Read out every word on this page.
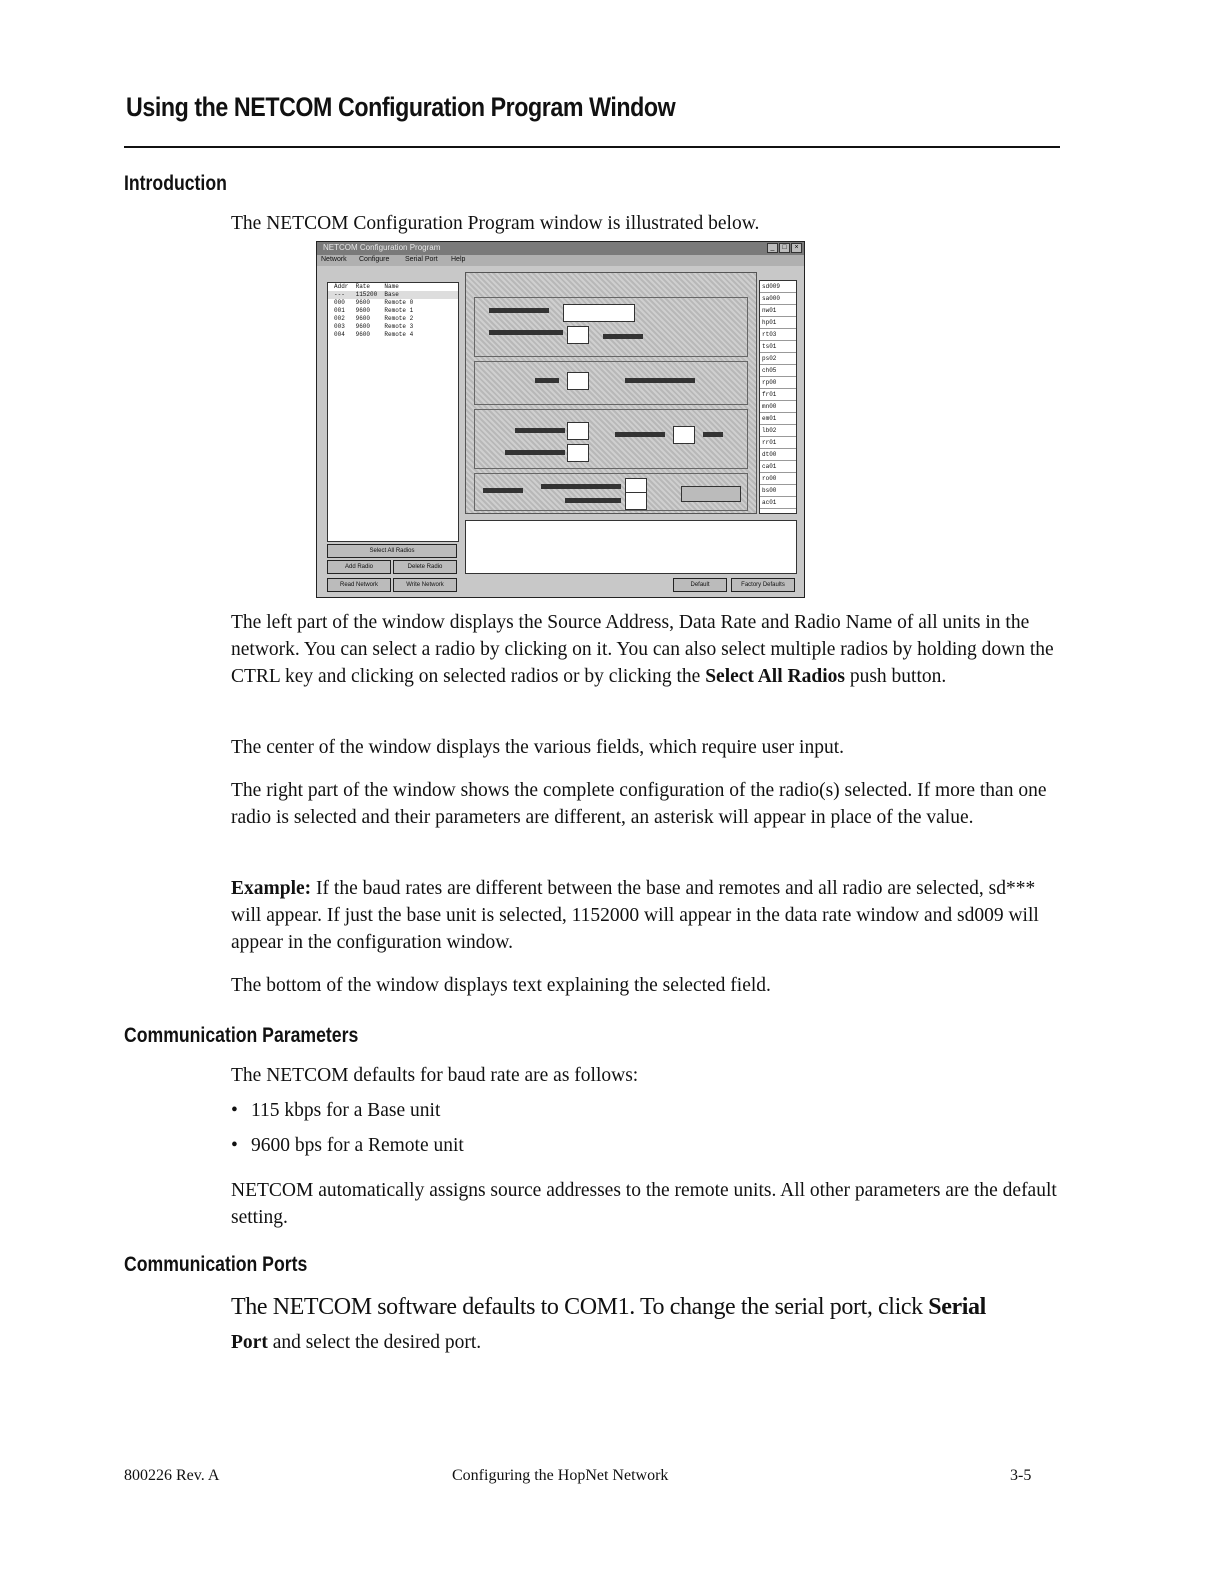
Using the NETCOM Configuration Program Window
Introduction
The NETCOM Configuration Program window is illustrated below.
NETCOM Configuration Program	_	□	×
Network Configure Serial Port Help
Addr  Rate    Name
---   115200  Base
000   9600    Remote 0
001   9600    Remote 1
002   9600    Remote 2
003   9600    Remote 3
004   9600    Remote 4
Select All Radios
Add Radio	Delete Radio
Read Network	Write Network
sd009
sa000
nw01
hp01
rt03
ts01
ps02
ch05
rp00
fr01
mn00
em01
lb02
rr01
dt00
ca01
ro00
bs00
ac01
Default	Factory Defaults
The left part of the window displays the Source Address, Data Rate and Radio Name of all units in the network. You can select a radio by clicking on it. You can also select multiple radios by holding down the CTRL key and clicking on selected radios or by clicking the Select All Radios push button.
The center of the window displays the various fields, which require user input.
The right part of the window shows the complete configuration of the radio(s) selected. If more than one radio is selected and their parameters are different, an asterisk will appear in place of the value.
Example: If the baud rates are different between the base and remotes and all radio are selected, sd*** will appear. If just the base unit is selected, 1152000 will appear in the data rate window and sd009 will appear in the configuration window.
The bottom of the window displays text explaining the selected field.
Communication Parameters
The NETCOM defaults for baud rate are as follows:
• 115 kbps for a Base unit
• 9600 bps for a Remote unit
NETCOM automatically assigns source addresses to the remote units. All other parameters are the default setting.
Communication Ports
The NETCOM software defaults to COM1. To change the serial port, click Serial
Port and select the desired port.
800226 Rev. A	Configuring the HopNet Network	3-5
